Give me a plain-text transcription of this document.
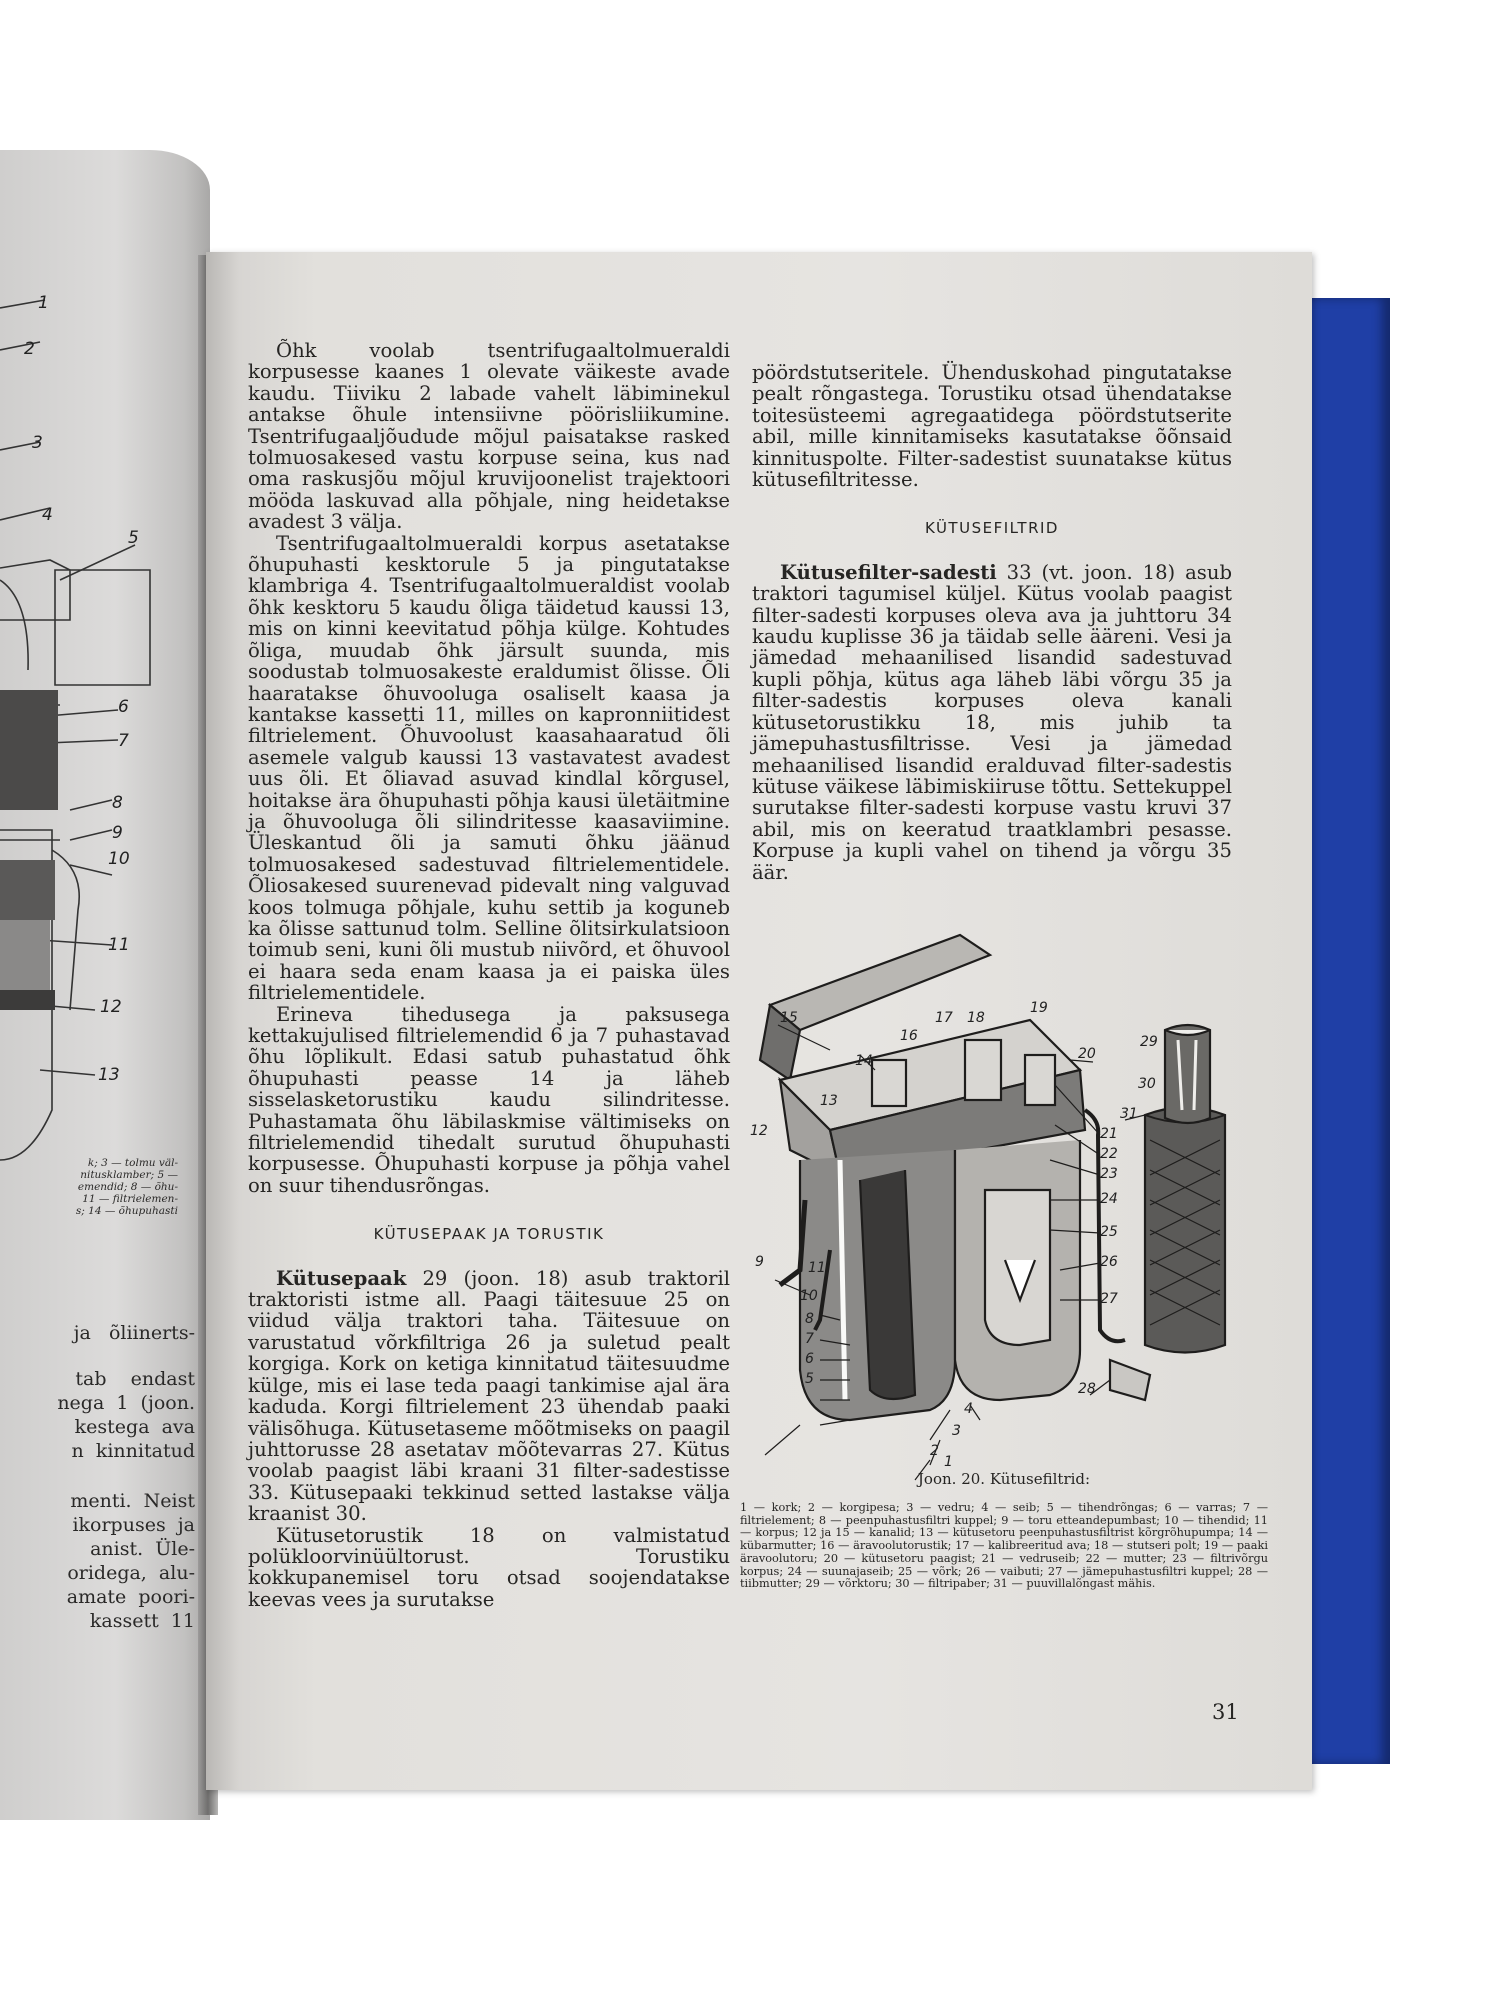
1
2
3
4
5
6
7
8
9
10
11
12
13
k; 3 — tolmu väl-
nitusklamber; 5 —
emendid; 8 — õhu-
11 — filtrielemen-
s; 14 — õhupuhasti
ja   õliinerts-
tab    endast
nega  1  (joon.
kestega  ava
n  kinnitatud
menti.  Neist
ikorpuses  ja
anist.  Üle-
oridega,  alu-
amate  poori-
kassett  11

Õhk voolab tsentrifugaaltolmueraldi korpusesse kaanes 1 olevate väikeste avade kaudu. Tiiviku 2 labade vahelt läbiminekul antakse õhule intensiivne pöörisliikumine. Tsentrifugaaljõudude mõjul paisatakse rasked tolmuosakesed vastu korpuse seina, kus nad oma raskusjõu mõjul kruvijoonelist trajektoori mööda laskuvad alla põhjale, ning heidetakse avadest 3 välja.

Tsentrifugaaltolmueraldi korpus asetatakse õhupuhasti kesktorule 5 ja pingutatakse klambriga 4. Tsentrifugaaltolmueraldist voolab õhk kesktoru 5 kaudu õliga täidetud kaussi 13, mis on kinni keevitatud põhja külge. Kohtudes õliga, muudab õhk järsult suunda, mis soodustab tolmuosakeste eraldumist õlisse. Õli haaratakse õhuvooluga osaliselt kaasa ja kantakse kassetti 11, milles on kapronniitidest filtrielement. Õhuvoolust kaasahaaratud õli asemele valgub kaussi 13 vastavatest avadest uus õli. Et õliavad asuvad kindlal kõrgusel, hoitakse ära õhupuhasti põhja kausi ületäitmine ja õhuvooluga õli silindritesse kaasaviimine. Üleskantud õli ja samuti õhku jäänud tolmuosakesed sadestuvad filtrielementidele. Õliosakesed suurenevad pidevalt ning valguvad koos tolmuga põhjale, kuhu settib ja koguneb ka õlisse sattunud tolm. Selline õlitsirkulatsioon toimub seni, kuni õli mustub niivõrd, et õhuvool ei haara seda enam kaasa ja ei paiska üles filtrielementidele.

Erineva tihedusega ja paksusega kettakujulised filtrielemendid 6 ja 7 puhastavad õhu lõplikult. Edasi satub puhastatud õhk õhupuhasti peasse 14 ja läheb sisselasketorustiku kaudu silindritesse. Puhastamata õhu läbilaskmise vältimiseks on filtrielemendid tihedalt surutud õhupuhasti korpusesse. Õhupuhasti korpuse ja põhja vahel on suur tihendusrõngas.

KÜTUSEPAAK JA TORUSTIK

Kütusepaak 29 (joon. 18) asub traktoril traktoristi istme all. Paagi täitesuue 25 on viidud välja traktori taha. Täitesuue on varustatud võrkfiltriga 26 ja suletud pealt korgiga. Kork on ketiga kinnitatud täitesuudme külge, mis ei lase teda paagi tankimise ajal ära kaduda. Korgi filtrielement 23 ühendab paaki välisõhuga. Kütusetaseme mõõtmiseks on paagil juhttorusse 28 asetatav mõõtevarras 27. Kütus voolab paagist läbi kraani 31 filter-sadestisse 33. Kütusepaaki tekkinud setted lastakse välja kraanist 30.

Kütusetorustik 18 on valmistatud polükloorvinüültorust. Torustiku kokkupanemisel toru otsad soojendatakse keevas vees ja surutakse

pöördstutseritele. Ühenduskohad pingutatakse pealt rõngastega. Torustiku otsad ühendatakse toitesüsteemi agregaatidega pöördstutserite abil, mille kinnitamiseks kasutatakse õõnsaid kinnituspolte. Filter-sadestist suunatakse kütus kütusefiltritesse.

KÜTUSEFILTRID

Kütusefilter-sadesti 33 (vt. joon. 18) asub traktori tagumisel küljel. Kütus voolab paagist filter-sadesti korpuses oleva ava ja juhttoru 34 kaudu kuplisse 36 ja täidab selle ääreni. Vesi ja jämedad mehaanilised lisandid sadestuvad kupli põhja, kütus aga läheb läbi võrgu 35 ja filter-sadestis korpuses oleva kanali kütusetorustikku 18, mis juhib ta jämepuhastusfiltrisse. Vesi ja jämedad mehaanilised lisandid eralduvad filter-sadestis kütuse väikese läbimiskiiruse tõttu. Settekuppel surutakse filter-sadesti korpuse vastu kruvi 37 abil, mis on keeratud traatklambri pesasse. Korpuse ja kupli vahel on tihend ja võrgu 35 äär.

1
2
3
4
5
6
7
8
9
10
11
12
13
14
15
16
17 18
19
20
21
22
23
24
25
26
27
28
29
30
31
Joon. 20. Kütusefiltrid:
1 — kork; 2 — korgipesa; 3 — vedru; 4 — seib; 5 — tihendrõngas; 6 — varras; 7 — filtrielement; 8 — peenpuhastusfiltri kuppel; 9 — toru etteandepumbast; 10 — tihendid; 11 — korpus; 12 ja 15 — kanalid; 13 — kütusetoru peenpuhastusfiltrist kõrgrõhupumpa; 14 — kübarmutter; 16 — äravoolutorustik; 17 — kalibreeritud ava; 18 — stutseri polt; 19 — paaki äravoolutoru; 20 — kütusetoru paagist; 21 — vedruseib; 22 — mutter; 23 — filtrivõrgu korpus; 24 — suunajaseib; 25 — võrk; 26 — vaibuti; 27 — jämepuhastusfiltri kuppel; 28 — tiibmutter; 29 — võrktoru; 30 — filtripaber; 31 — puuvillalõngast mähis.
31
